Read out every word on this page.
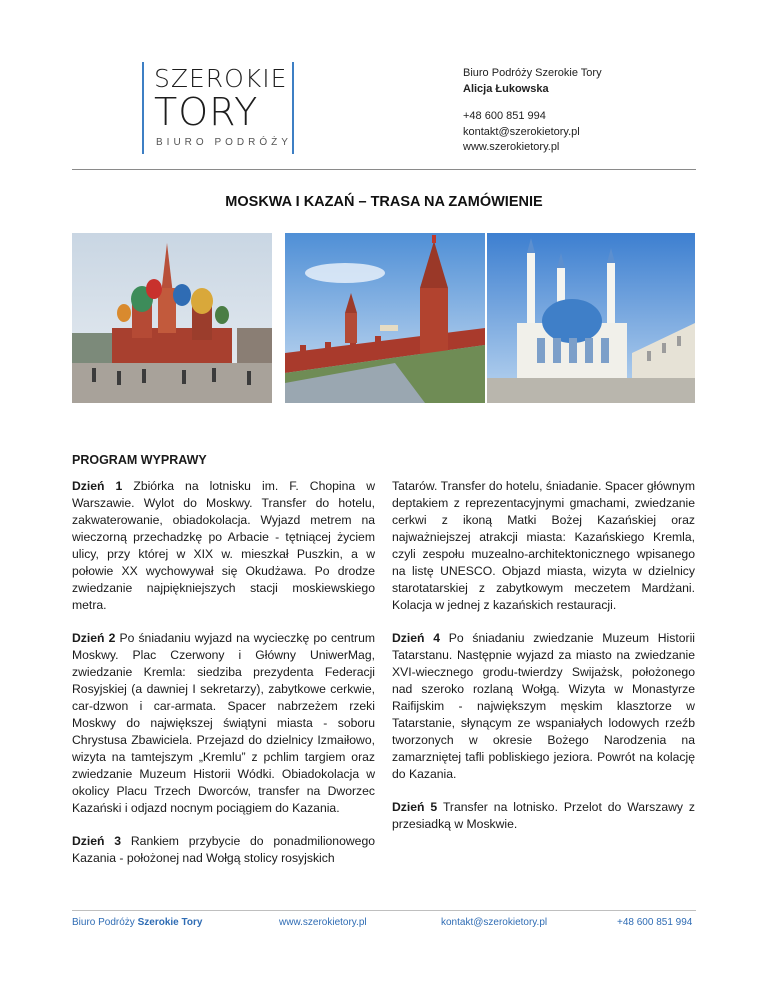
SZEROKIE
TORY
BIURO PODRÓŻY
Biuro Podróży Szerokie Tory
Alicja Łukowska
+48 600 851 994
kontakt@szerokietory.pl
www.szerokietory.pl
MOSKWA I KAZAŃ – TRASA NA ZAMÓWIENIE
PROGRAM WYPRAWY

Dzień 1 Zbiórka na lotnisku im. F. Chopina w Warszawie. Wylot do Moskwy. Transfer do hotelu, zakwaterowanie, obiadokolacja. Wyjazd metrem na wieczorną przechadzkę po Arbacie - tętniącej życiem ulicy, przy której w XIX w. mieszkał Puszkin, a w połowie XX wychowywał się Okudżawa. Po drodze zwiedzanie najpiękniejszych stacji moskiewskiego metra.

Dzień 2 Po śniadaniu wyjazd na wycieczkę po centrum Moskwy. Plac Czerwony i Główny UniwerMag, zwiedzanie Kremla: siedziba prezydenta Federacji Rosyjskiej (a dawniej I sekretarzy), zabytkowe cerkwie, car-dzwon i car-armata. Spacer nabrzeżem rzeki Moskwy do największej świątyni miasta - soboru Chrystusa Zbawiciela. Przejazd do dzielnicy Izmaiłowo, wizyta na tamtejszym „Kremlu” z pchlim targiem oraz zwiedzanie Muzeum Historii Wódki. Obiadokolacja w okolicy Placu Trzech Dworców, transfer na Dworzec Kazański i odjazd nocnym pociągiem do Kazania.

Dzień 3 Rankiem przybycie do ponadmilionowego Kazania - położonej nad Wołgą stolicy rosyjskich

Tatarów. Transfer do hotelu, śniadanie. Spacer głównym deptakiem z reprezentacyjnymi gmachami, zwiedzanie cerkwi z ikoną Matki Bożej Kazańskiej oraz najważniejszej atrakcji miasta: Kazańskiego Kremla, czyli zespołu muzealno-architektonicznego wpisanego na listę UNESCO. Objazd miasta, wizyta w dzielnicy starotatarskiej z zabytkowym meczetem Mardżani. Kolacja w jednej z kazańskich restauracji.

Dzień 4 Po śniadaniu zwiedzanie Muzeum Historii Tatarstanu. Następnie wyjazd za miasto na zwiedzanie XVI-wiecznego grodu-twierdzy Swijażsk, położonego nad szeroko rozlaną Wołgą. Wizyta w Monastyrze Raifijskim - największym męskim klasztorze w Tatarstanie, słynącym ze wspaniałych lodowych rzeźb tworzonych w okresie Bożego Narodzenia na zamarzniętej tafli pobliskiego jeziora. Powrót na kolację do Kazania.

Dzień 5 Transfer na lotnisko. Przelot do Warszawy z przesiadką w Moskwie.

Biuro Podróży Szerokie Tory	www.szerokietory.pl	kontakt@szerokietory.pl	+48 600 851 994
